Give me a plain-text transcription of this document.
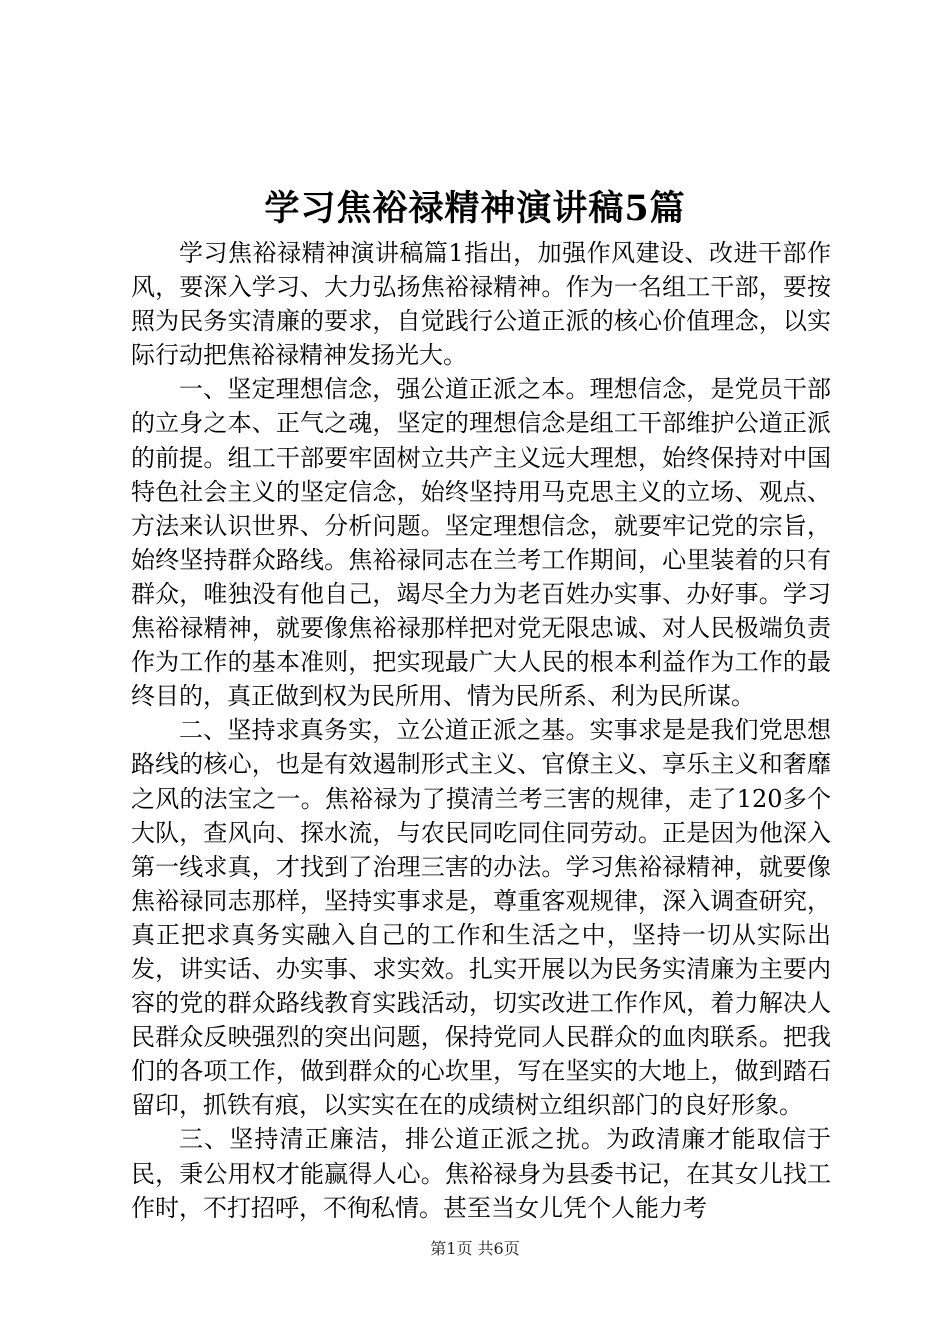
学习焦裕禄精神演讲稿5篇

学习焦裕禄精神演讲稿篇1指出，加强作风建设、改进干部作风，要深入学习、大力弘扬焦裕禄精神。作为一名组工干部，要按照为民务实清廉的要求，自觉践行公道正派的核心价值理念，以实际行动把焦裕禄精神发扬光大。

一、坚定理想信念，强公道正派之本。理想信念，是党员干部的立身之本、正气之魂，坚定的理想信念是组工干部维护公道正派的前提。组工干部要牢固树立共产主义远大理想，始终保持对中国特色社会主义的坚定信念，始终坚持用马克思主义的立场、观点、方法来认识世界、分析问题。坚定理想信念，就要牢记党的宗旨，始终坚持群众路线。焦裕禄同志在兰考工作期间，心里装着的只有群众，唯独没有他自己，竭尽全力为老百姓办实事、办好事。学习焦裕禄精神，就要像焦裕禄那样把对党无限忠诚、对人民极端负责作为工作的基本准则，把实现最广大人民的根本利益作为工作的最终目的，真正做到权为民所用、情为民所系、利为民所谋。

二、坚持求真务实，立公道正派之基。实事求是是我们党思想路线的核心，也是有效遏制形式主义、官僚主义、享乐主义和奢靡之风的法宝之一。焦裕禄为了摸清兰考三害的规律，走了120多个大队，查风向、探水流，与农民同吃同住同劳动。正是因为他深入第一线求真，才找到了治理三害的办法。学习焦裕禄精神，就要像焦裕禄同志那样，坚持实事求是，尊重客观规律，深入调查研究，真正把求真务实融入自己的工作和生活之中，坚持一切从实际出发，讲实话、办实事、求实效。扎实开展以为民务实清廉为主要内容的党的群众路线教育实践活动，切实改进工作作风，着力解决人民群众反映强烈的突出问题，保持党同人民群众的血肉联系。把我们的各项工作，做到群众的心坎里，写在坚实的大地上，做到踏石留印，抓铁有痕，以实实在在的成绩树立组织部门的良好形象。

三、坚持清正廉洁，排公道正派之扰。为政清廉才能取信于民，秉公用权才能赢得人心。焦裕禄身为县委书记，在其女儿找工作时，不打招呼，不徇私情。甚至当女儿凭个人能力考

第1页 共6页
